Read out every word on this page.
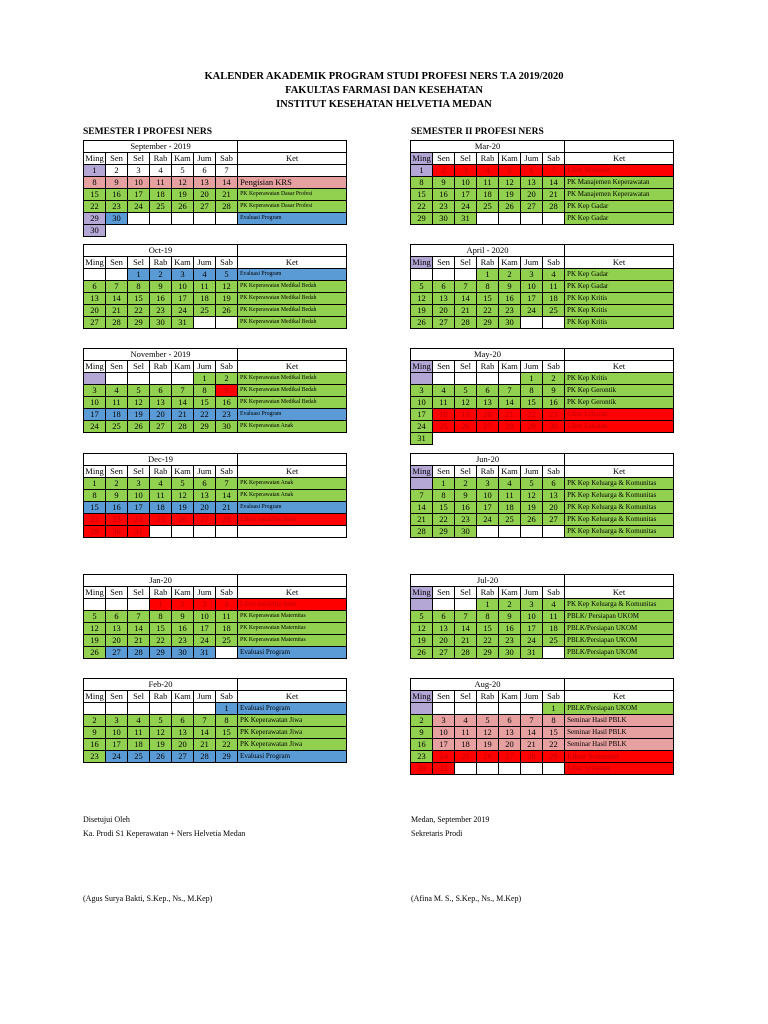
KALENDER AKADEMIK PROGRAM STUDI PROFESI NERS T.A 2019/2020
FAKULTAS FARMASI DAN KESEHATAN
INSTITUT KESEHATAN HELVETIA MEDAN
SEMESTER I PROFESI NERS	SEMESTER II PROFESI NERS
September - 2019							
Ming	Sen	Sel	Rab	Kam	Jum	Sab	Ket
1	2	3	4	5	6	7	
8	9	10	11	12	13	14	Pengisian KRS
15	16	17	18	19	20	21	PK Keperawatan Dasar Profesi
22	23	24	25	26	27	28	PK Keperawatan Dasar Profesi
29	30						Evaluasi Program
30							
Oct-19							
Ming	Sen	Sel	Rab	Kam	Jum	Sab	Ket
		1	2	3	4	5	Evaluasi Program
6	7	8	9	10	11	12	PK Keperawatan Medikal Bedah
13	14	15	16	17	18	19	PK Keperawatan Medikal Bedah
20	21	22	23	24	25	26	PK Keperawatan Medikal Bedah
27	28	29	30	31			PK Keperawatan Medikal Bedah
November - 2019							
Ming	Sen	Sel	Rab	Kam	Jum	Sab	Ket
					1	2	PK Keperawatan Medikal Bedah
3	4	5	6	7	8	9	PK Keperawatan Medikal Bedah
10	11	12	13	14	15	16	PK Keperawatan Medikal Bedah
17	18	19	20	21	22	23	Evaluasi Program
24	25	26	27	28	29	30	PK Keperawatan Anak
Dec-19							
Ming	Sen	Sel	Rab	Kam	Jum	Sab	Ket
1	2	3	4	5	6	7	PK Keperawatan Anak
8	9	10	11	12	13	14	PK Keperawatan Anak
15	16	17	18	19	20	21	Evaluasi Program
22	23	24	25	26	27	28	Libur natal/thn baru
29	30	31					
Jan-20							
Ming	Sen	Sel	Rab	Kam	Jum	Sab	Ket
			1	2	3	4	Libur natal/thn baru
5	6	7	8	9	10	11	PK Keperawatan Maternitas
12	13	14	15	16	17	18	PK Keperawatan Maternitas
19	20	21	22	23	24	25	PK Keperawatan Maternitas
26	27	28	29	30	31		Evaluasi Program
Feb-20							
Ming	Sen	Sel	Rab	Kam	Jum	Sab	Ket
						1	Evaluasi Program
2	3	4	5	6	7	8	PK Keperawatan Jiwa
9	10	11	12	13	14	15	PK Keperawatan Jiwa
16	17	18	19	20	21	22	PK Keperawatan Jiwa
23	24	25	26	27	28	29	Evaluasi Program
Mar-20							
Ming	Sen	Sel	Rab	Kam	Jum	Sab	Ket
1	2	3	4	5	6	7	Libur Semester
8	9	10	11	12	13	14	PK Manajemen Keperawatan
15	16	17	18	19	20	21	PK Manajemen Keperawatan
22	23	24	25	26	27	28	PK Kep Gadar
29	30	31					PK Kep Gadar
April - 2020							
Ming	Sen	Sel	Rab	Kam	Jum	Sab	Ket
			1	2	3	4	PK Kep Gadar
5	6	7	8	9	10	11	PK Kep Gadar
12	13	14	15	16	17	18	PK Kep Kritis
19	20	21	22	23	24	25	PK Kep Kritis
26	27	28	29	30			PK Kep Kritis
May-20							
Ming	Sen	Sel	Rab	Kam	Jum	Sab	Ket
					1	2	PK Kep Kritis
3	4	5	6	7	8	9	PK Kep Gerontik
10	11	12	13	14	15	16	PK Kep Gerontik
17	18	19	20	21	22	23	Libur Lebaran
24	25	26	27	28	29	30	Libur Lebaran
31							
Jun-20							
Ming	Sen	Sel	Rab	Kam	Jum	Sab	Ket
	1	2	3	4	5	6	PK Kep Keluarga & Komunitas
7	8	9	10	11	12	13	PK Kep Keluarga & Komunitas
14	15	16	17	18	19	20	PK Kep Keluarga & Komunitas
21	22	23	24	25	26	27	PK Kep Keluarga & Komunitas
28	29	30					PK Kep Keluarga & Komunitas
Jul-20							
Ming	Sen	Sel	Rab	Kam	Jum	Sab	Ket
			1	2	3	4	PK Kep Keluarga & Komunitas
5	6	7	8	9	10	11	PBLK/ Persiapan UKOM
12	13	14	15	16	17	18	PBLK/Persiapan UKOM
19	20	21	22	23	24	25	PBLK/Persiapan UKOM
26	27	28	29	30	31		PBLK/Persiapan UKOM
Aug-20							
Ming	Sen	Sel	Rab	Kam	Jum	Sab	Ket
						1	PBLK/Persiapan UKOM
2	3	4	5	6	7	8	Seminar Hasil PBLK
9	10	11	12	13	14	15	Seminar Hasil PBLK
16	17	18	19	20	21	22	Seminar Hasil PBLK
23	24	25	26	27	28	29	Libur Semester
30	31						Libur Semester
Disetujui Oleh
Ka. Prodi S1 Keperawatan + Ners Helvetia Medan
(Agus Surya Bakti, S.Kep., Ns., M.Kep)
Medan, September 2019
Sekretaris Prodi
(Afina M. S., S.Kep., Ns., M.Kep)
